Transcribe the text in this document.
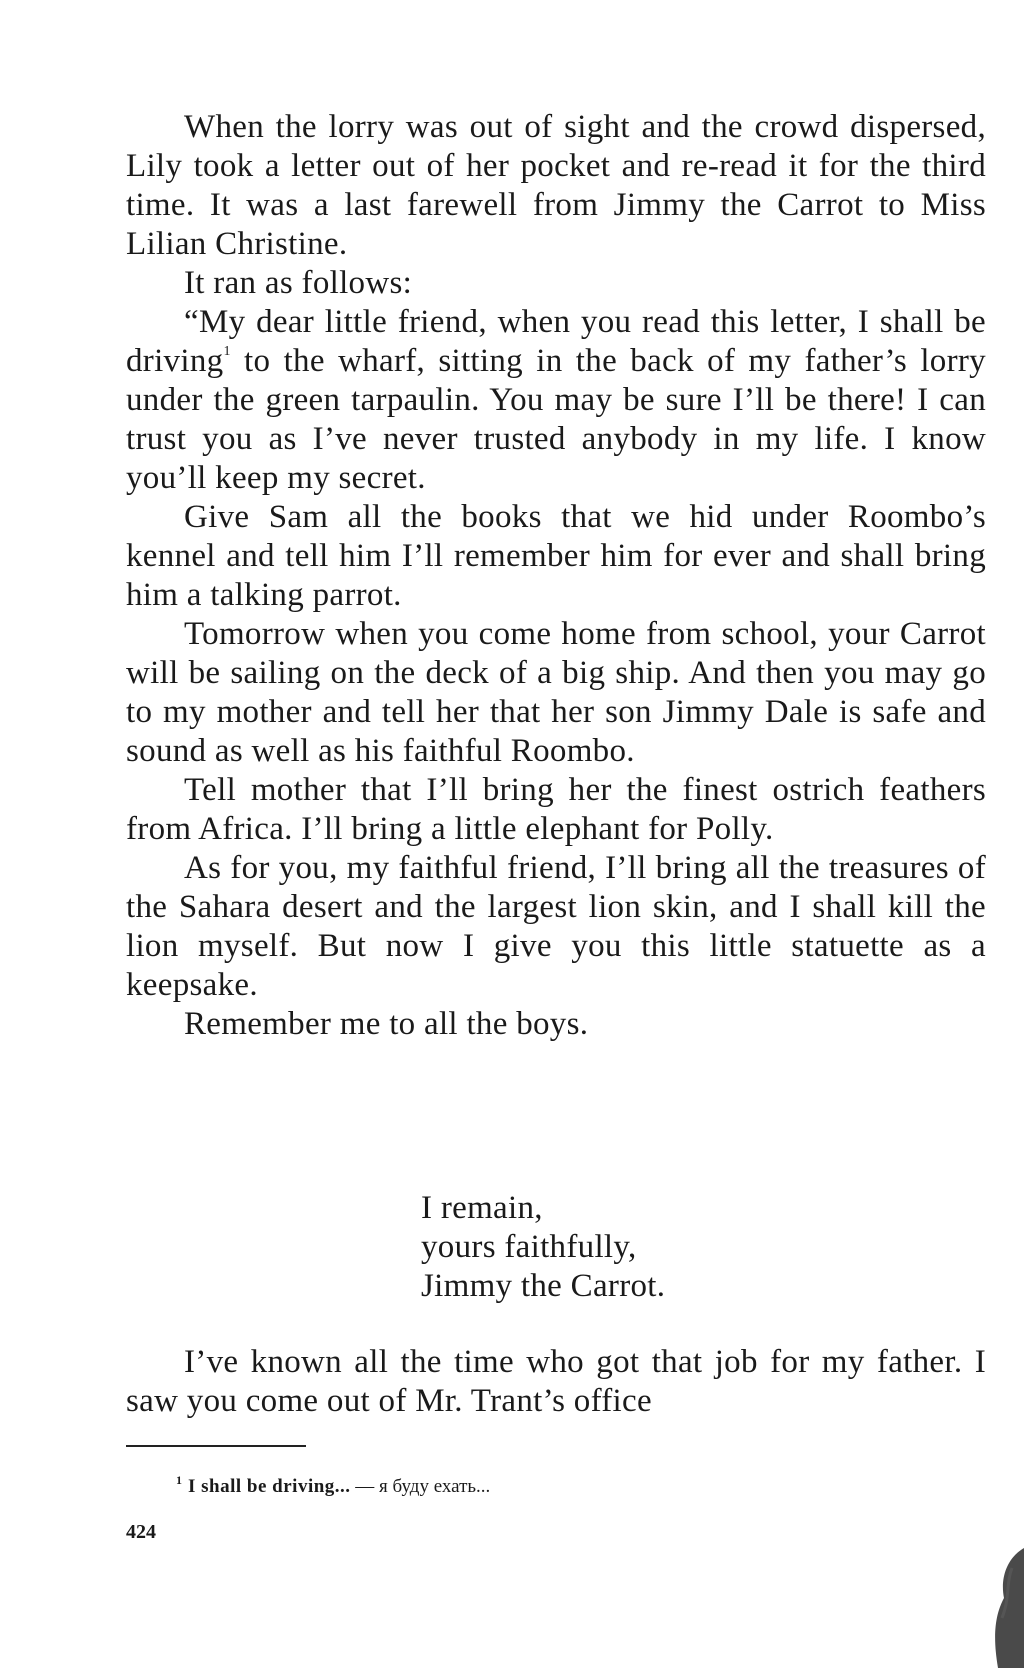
When the lorry was out of sight and the crowd dispersed, Lily took a letter out of her pocket and re-read it for the third time. It was a last farewell from Jimmy the Carrot to Miss Lilian Christine.

It ran as follows:

“My dear little friend, when you read this letter, I shall be driving$^1$ to the wharf, sitting in the back of my father’s lorry under the green tarpaulin. You may be sure I’ll be there! I can trust you as I’ve never trusted anybody in my life. I know you’ll keep my secret.

Give Sam all the books that we hid under Roombo’s kennel and tell him I’ll remember him for ever and shall bring him a talking parrot.

Tomorrow when you come home from school, your Carrot will be sailing on the deck of a big ship. And then you may go to my mother and tell her that her son Jimmy Dale is safe and sound as well as his faithful Roombo.

Tell mother that I’ll bring her the finest ostrich feathers from Africa. I’ll bring a little elephant for Polly.

As for you, my faithful friend, I’ll bring all the treasures of the Sahara desert and the largest lion skin, and I shall kill the lion myself. But now I give you this little statuette as a keepsake.

Remember me to all the boys.

I remain,
yours faithfully,
Jimmy the Carrot.

I’ve known all the time who got that job for my father. I saw you come out of Mr. Trant’s office

$^1$ I shall be driving... — я буду ехать...
424
